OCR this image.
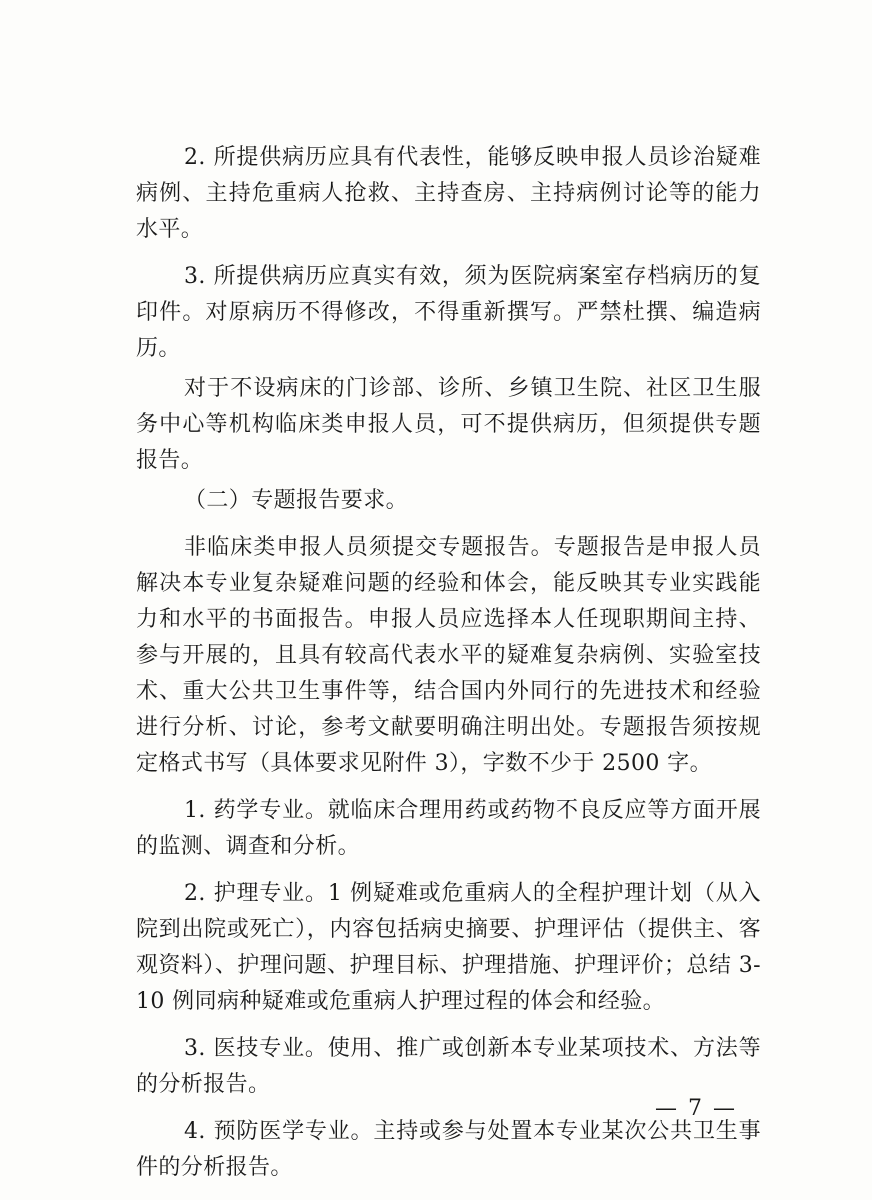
2. 所提供病历应具有代表性，能够反映申报人员诊治疑难病例、主持危重病人抢救、主持查房、主持病例讨论等的能力水平。

3. 所提供病历应真实有效，须为医院病案室存档病历的复印件。对原病历不得修改，不得重新撰写。严禁杜撰、编造病历。

对于不设病床的门诊部、诊所、乡镇卫生院、社区卫生服务中心等机构临床类申报人员，可不提供病历，但须提供专题报告。

（二）专题报告要求。

非临床类申报人员须提交专题报告。专题报告是申报人员解决本专业复杂疑难问题的经验和体会，能反映其专业实践能力和水平的书面报告。申报人员应选择本人任现职期间主持、参与开展的，且具有较高代表水平的疑难复杂病例、实验室技术、重大公共卫生事件等，结合国内外同行的先进技术和经验进行分析、讨论，参考文献要明确注明出处。专题报告须按规定格式书写（具体要求见附件 3），字数不少于 2500 字。

1. 药学专业。就临床合理用药或药物不良反应等方面开展的监测、调查和分析。

2. 护理专业。1 例疑难或危重病人的全程护理计划（从入院到出院或死亡），内容包括病史摘要、护理评估（提供主、客观资料）、护理问题、护理目标、护理措施、护理评价；总结 3-10 例同病种疑难或危重病人护理过程的体会和经验。

3. 医技专业。使用、推广或创新本专业某项技术、方法等的分析报告。

4. 预防医学专业。主持或参与处置本专业某次公共卫生事件的分析报告。

— 7 —
